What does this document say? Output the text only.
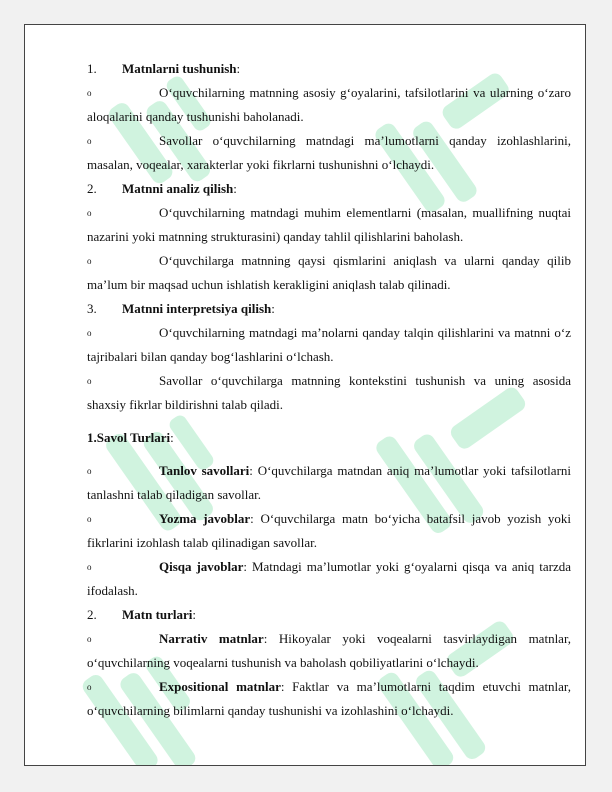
1. Matnlarni tushunish:
o	O‘quvchilarning matnning asosiy g‘oyalarini, tafsilotlarini va ularning o‘zaro aloqalarini qanday tushunishi baholanadi.
o	Savollar o‘quvchilarning matndagi ma’lumotlarni qanday izohlashlarini, masalan, voqealar, xarakterlar yoki fikrlarni tushunishni o‘lchaydi.
2. Matnni analiz qilish:
o	O‘quvchilarning matndagi muhim elementlarni (masalan, muallifning nuqtai nazarini yoki matnning strukturasini) qanday tahlil qilishlarini baholash.
o	O‘quvchilarga matnning qaysi qismlarini aniqlash va ularni qanday qilib ma’lum bir maqsad uchun ishlatish kerakligini aniqlash talab qilinadi.
3. Matnni interpretsiya qilish:
o	O‘quvchilarning matndagi ma’nolarni qanday talqin qilishlarini va matnni o‘z tajribalari bilan qanday bog‘lashlarini o‘lchash.
o	Savollar o‘quvchilarga matnning kontekstini tushunish va uning asosida shaxsiy fikrlar bildirishni talab qiladi.
1.Savol Turlari:
o	Tanlov savollari: O‘quvchilarga matndan aniq ma’lumotlar yoki tafsilotlarni tanlashni talab qiladigan savollar.
o	Yozma javoblar: O‘quvchilarga matn bo‘yicha batafsil javob yozish yoki fikrlarini izohlash talab qilinadigan savollar.
o	Qisqa javoblar: Matndagi ma’lumotlar yoki g‘oyalarni qisqa va aniq tarzda ifodalash.
2. Matn turlari:
o	Narrativ matnlar: Hikoyalar yoki voqealarni tasvirlaydigan matnlar, o‘quvchilarning voqealarni tushunish va baholash qobiliyatlarini o‘lchaydi.
o	Expositional matnlar: Faktlar va ma’lumotlarni taqdim etuvchi matnlar, o‘quvchilarning bilimlarni qanday tushunishi va izohlashini o‘lchaydi.
